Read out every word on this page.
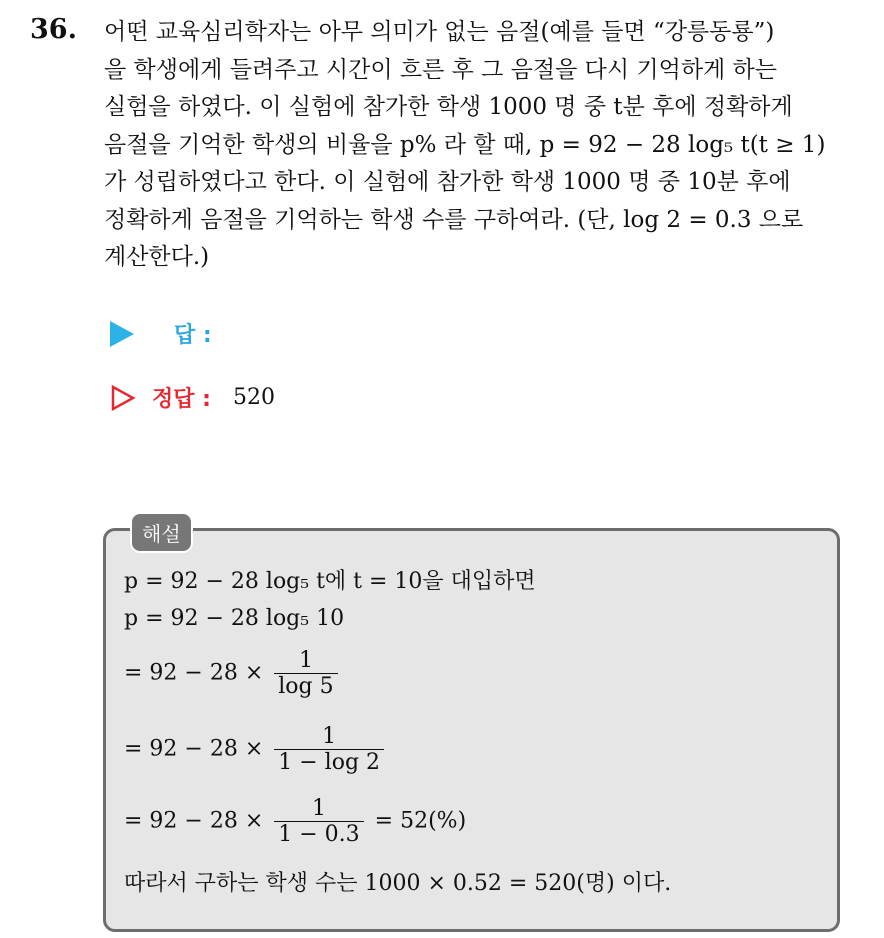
36. 어떤 교육심리학자는 아무 의미가 없는 음절(예를 들면 “강릉동룡”)
을 학생에게 들려주고 시간이 흐른 후 그 음절을 다시 기억하게 하는
실험을 하였다. 이 실험에 참가한 학생 1000 명 중 t분 후에 정확하게
음절을 기억한 학생의 비율을 p% 라 할 때, p = 92 − 28 log₅ t(t ≥ 1)
가 성립하였다고 한다. 이 실험에 참가한 학생 1000 명 중 10분 후에
정확하게 음절을 기억하는 학생 수를 구하여라. (단, log 2 = 0.3 으로
계산한다.)
답 :
정답 : 520
해설
p = 92 − 28 log₅ t에 t = 10을 대입하면
p = 92 − 28 log₅ 10
= $92 - 28 \times \frac{1}{\log 5}$
= $92 - 28 \times \frac{1}{1 - \log 2}$
= $92 - 28 \times \frac{1}{1 - 0.3} = 52(\%)$
따라서 구하는 학생 수는 1000 × 0.52 = 520(명) 이다.
